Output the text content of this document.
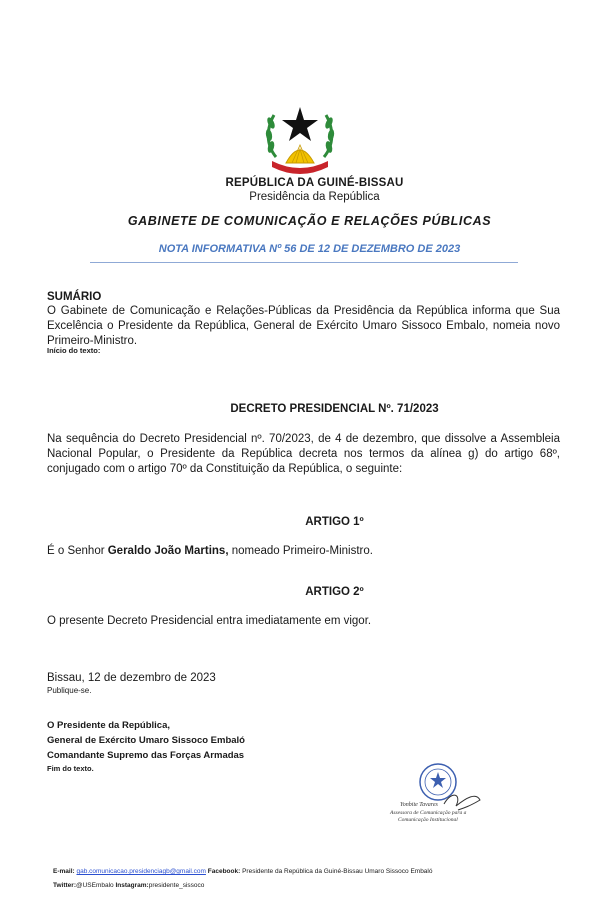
REPÚBLICA DA GUINÉ-BISSAU
Presidência da República
GABINETE DE COMUNICAÇÃO E RELAÇÕES PÚBLICAS
NOTA INFORMATIVA Nº 56 DE 12 DE DEZEMBRO DE 2023
SUMÁRIO
O Gabinete de Comunicação e Relações-Públicas da Presidência da República informa que Sua Excelência o Presidente da República, General de Exército Umaro Sissoco Embalo, nomeia novo Primeiro-Ministro.
Início do texto:
DECRETO PRESIDENCIAL Nº. 71/2023
Na sequência do Decreto Presidencial nº. 70/2023, de 4 de dezembro, que dissolve a Assembleia Nacional Popular, o Presidente da República decreta nos termos da alínea g) do artigo 68º, conjugado com o artigo 70º da Constituição da República, o seguinte:
ARTIGO 1º
É o Senhor Geraldo João Martins, nomeado Primeiro-Ministro.
ARTIGO 2º
O presente Decreto Presidencial entra imediatamente em vigor.
Bissau, 12 de dezembro de 2023
Publique-se.
O Presidente da República,
General de Exército Umaro Sissoco Embaló
Comandante Supremo das Forças Armadas
Fim do texto.
Yonbite Tavares
Assessora de Comunicação para a
Comunicação Institucional
E-mail: gab.comunicacao.presidenciagb@gmail.com Facebook: Presidente da República da Guiné-Bissau Umaro Sissoco Embaló
Twitter:@USEmbalo Instagram:presidente_sissoco
